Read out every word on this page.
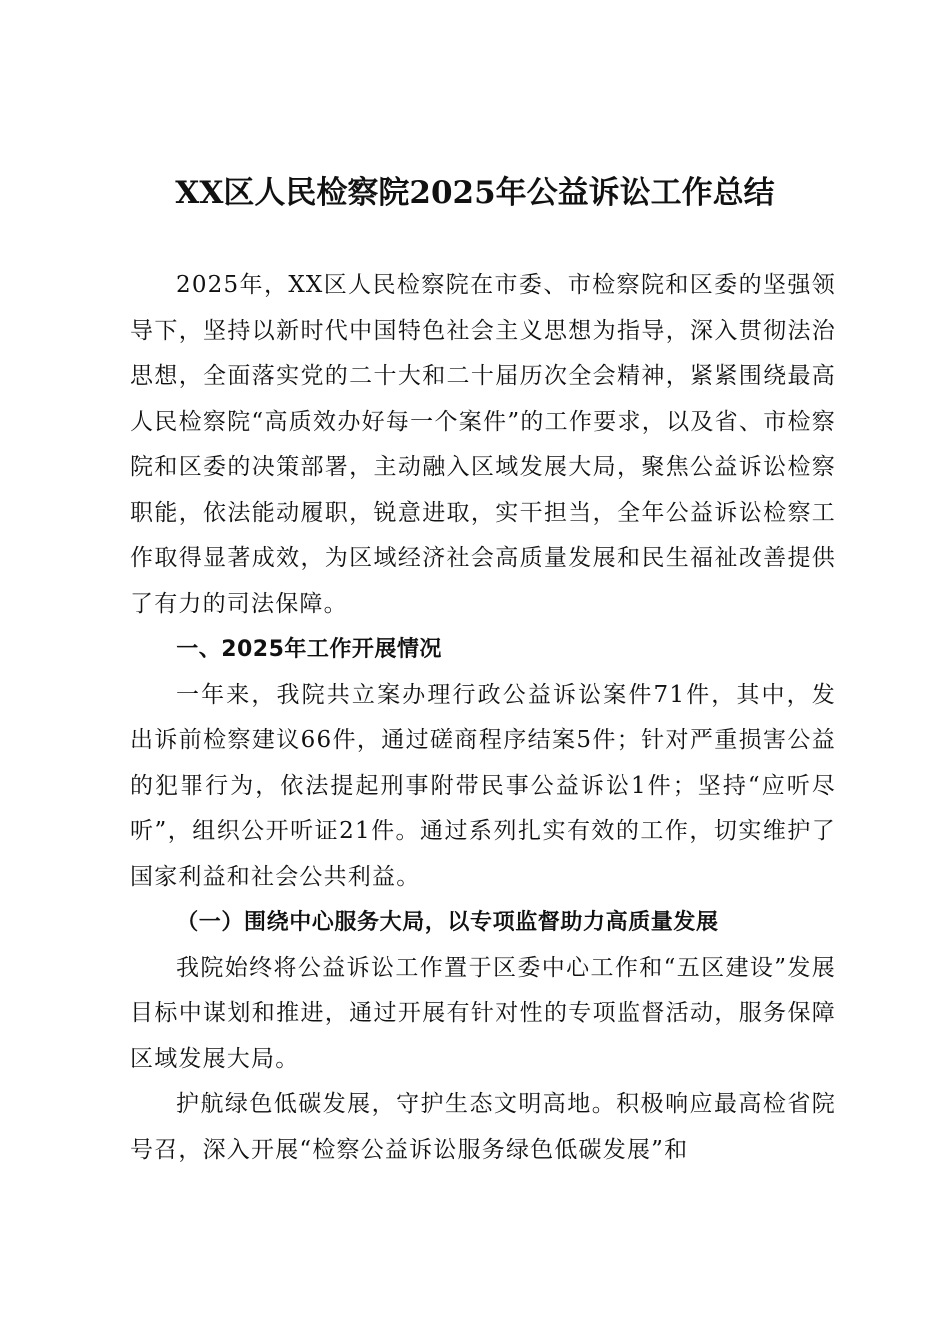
XX区人民检察院2025年公益诉讼工作总结

2025年，XX区人民检察院在市委、市检察院和区委的坚强领导下，坚持以新时代中国特色社会主义思想为指导，深入贯彻法治思想，全面落实党的二十大和二十届历次全会精神，紧紧围绕最高人民检察院“高质效办好每一个案件”的工作要求，以及省、市检察院和区委的决策部署，主动融入区域发展大局，聚焦公益诉讼检察职能，依法能动履职，锐意进取，实干担当，全年公益诉讼检察工作取得显著成效，为区域经济社会高质量发展和民生福祉改善提供了有力的司法保障。

一、2025年工作开展情况

一年来，我院共立案办理行政公益诉讼案件71件，其中，发出诉前检察建议66件，通过磋商程序结案5件；针对严重损害公益的犯罪行为，依法提起刑事附带民事公益诉讼1件；坚持“应听尽听”，组织公开听证21件。通过系列扎实有效的工作，切实维护了国家利益和社会公共利益。

（一）围绕中心服务大局，以专项监督助力高质量发展

我院始终将公益诉讼工作置于区委中心工作和“五区建设”发展目标中谋划和推进，通过开展有针对性的专项监督活动，服务保障区域发展大局。

护航绿色低碳发展，守护生态文明高地。积极响应最高检省院号召，深入开展“检察公益诉讼服务绿色低碳发展”和
